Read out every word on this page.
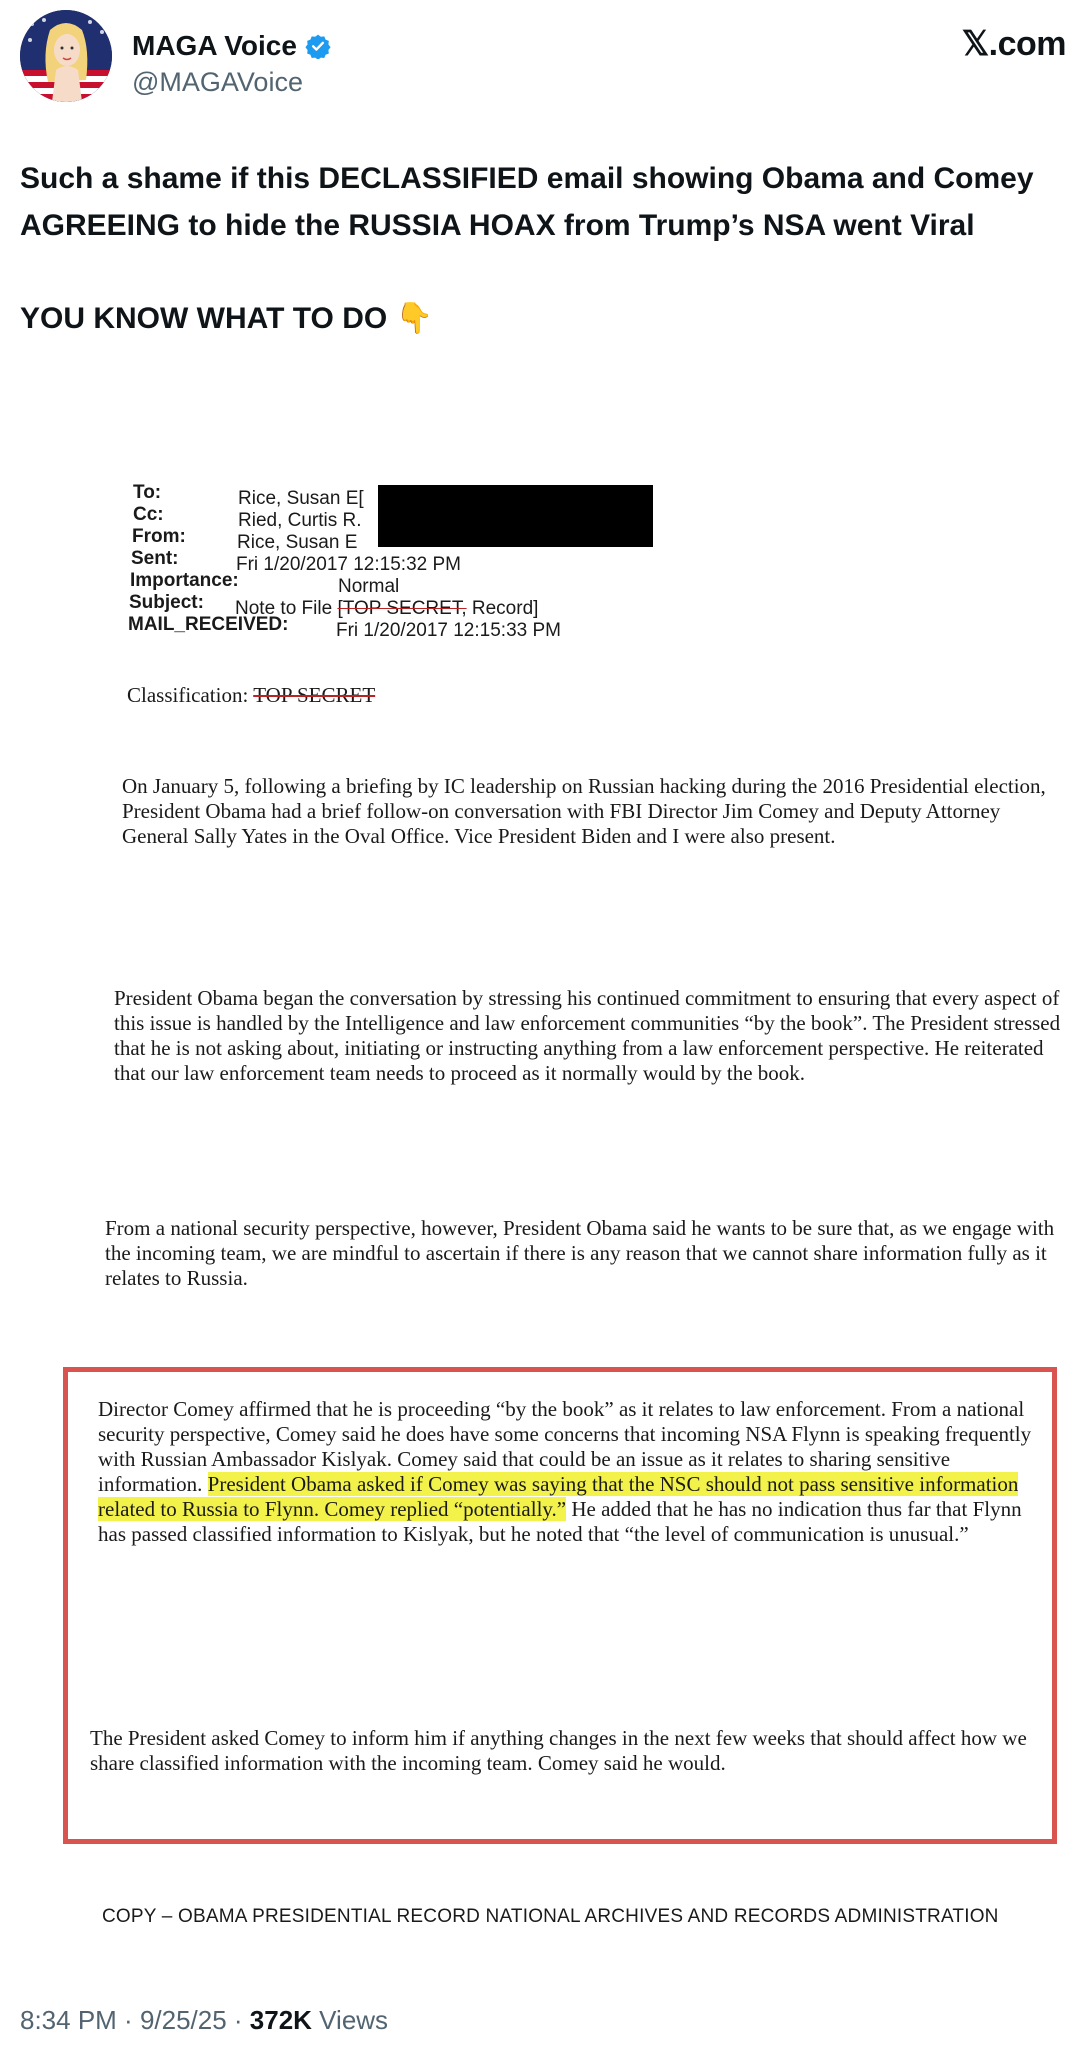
MAGA Voice
@MAGAVoice
𝕏.com

Such a shame if this DECLASSIFIED email showing Obama and Comey AGREEING to hide the RUSSIA HOAX from Trump’s NSA went Viral

YOU KNOW WHAT TO DO 👇

To:	Rice, Susan E[
Cc:	Ried, Curtis R.
From:	Rice, Susan E
Sent:	Fri 1/20/2017 12:15:32 PM
Importance:	Normal
Subject: Note to File [TOP SECRET, Record]
MAIL_RECEIVED:	Fri 1/20/2017 12:15:33 PM
Classification: TOP SECRET
On January 5, following a briefing by IC leadership on Russian hacking during the 2016 Presidential election, President Obama had a brief follow-on conversation with FBI Director Jim Comey and Deputy Attorney General Sally Yates in the Oval Office. Vice President Biden and I were also present.
President Obama began the conversation by stressing his continued commitment to ensuring that every aspect of this issue is handled by the Intelligence and law enforcement communities “by the book”. The President stressed that he is not asking about, initiating or instructing anything from a law enforcement perspective. He reiterated that our law enforcement team needs to proceed as it normally would by the book.
From a national security perspective, however, President Obama said he wants to be sure that, as we engage with the incoming team, we are mindful to ascertain if there is any reason that we cannot share information fully as it relates to Russia.
Director Comey affirmed that he is proceeding “by the book” as it relates to law enforcement. From a national security perspective, Comey said he does have some concerns that incoming NSA Flynn is speaking frequently with Russian Ambassador Kislyak. Comey said that could be an issue as it relates to sharing sensitive information. President Obama asked if Comey was saying that the NSC should not pass sensitive information related to Russia to Flynn. Comey replied “potentially.” He added that he has no indication thus far that Flynn has passed classified information to Kislyak, but he noted that “the level of communication is unusual.”
The President asked Comey to inform him if anything changes in the next few weeks that should affect how we share classified information with the incoming team. Comey said he would.
COPY – OBAMA PRESIDENTIAL RECORD NATIONAL ARCHIVES AND RECORDS ADMINISTRATION
8:34 PM · 9/25/25 · 372K Views
